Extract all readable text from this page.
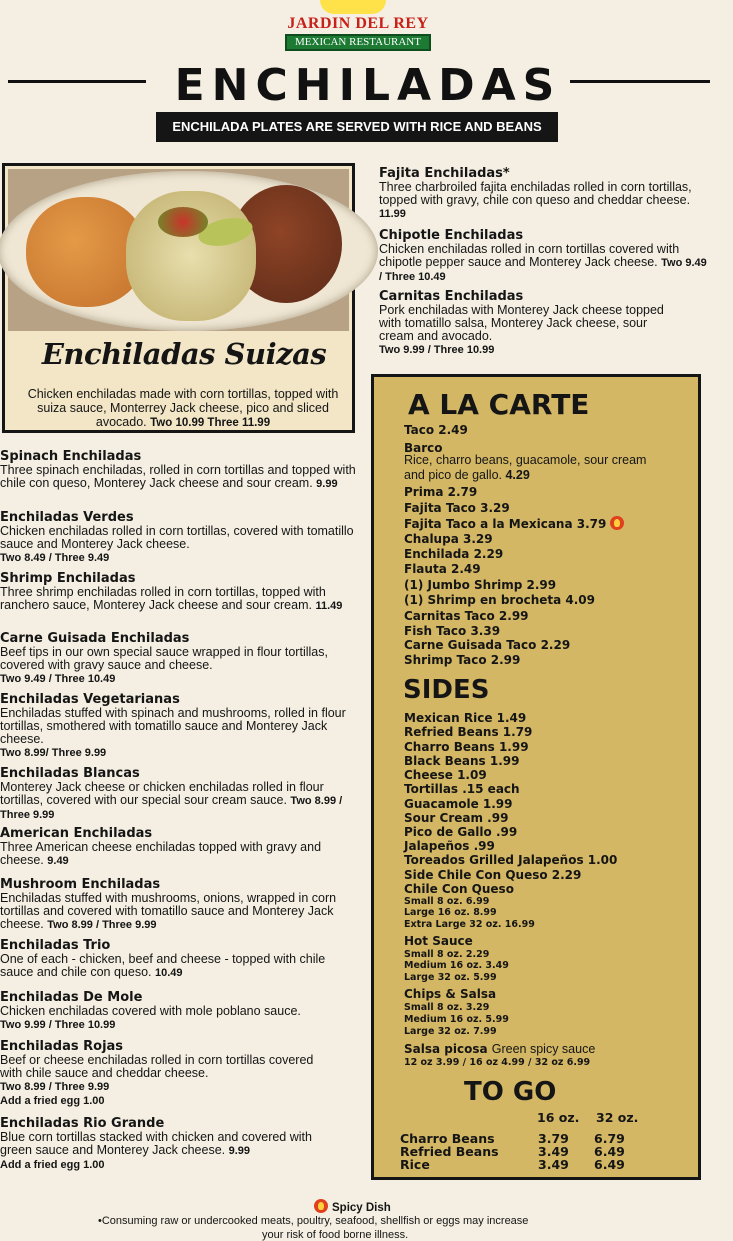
JARDIN DEL REY
MEXICAN RESTAURANT
ENCHILADAS
ENCHILADA PLATES ARE SERVED WITH RICE AND BEANS
Enchiladas Suizas
Chicken enchiladas made with corn tortillas, topped with suiza sauce, Monterrey Jack cheese, pico and sliced avocado. Two 10.99 Three 11.99
Fajita Enchiladas*
Three charbroiled fajita enchiladas rolled in corn tortillas, topped with gravy, chile con queso and cheddar cheese. 11.99
Chipotle Enchiladas
Chicken enchiladas rolled in corn tortillas covered with chipotle pepper sauce and Monterey Jack cheese. Two 9.49 / Three 10.49
Carnitas Enchiladas
Pork enchiladas with Monterey Jack cheese topped with tomatillo salsa, Monterey Jack cheese, sour cream and avocado.
Two 9.99 / Three 10.99
Spinach Enchiladas
Three spinach enchiladas, rolled in corn tortillas and topped with chile con queso, Monterey Jack cheese and sour cream. 9.99
Enchiladas Verdes
Chicken enchiladas rolled in corn tortillas, covered with tomatillo sauce and Monterey Jack cheese.
Two 8.49 / Three 9.49
Shrimp Enchiladas
Three shrimp enchiladas rolled in corn tortillas, topped with ranchero sauce, Monterey Jack cheese and sour cream. 11.49
Carne Guisada Enchiladas
Beef tips in our own special sauce wrapped in flour tortillas, covered with gravy sauce and cheese.
Two 9.49 / Three 10.49
Enchiladas Vegetarianas
Enchiladas stuffed with spinach and mushrooms, rolled in flour tortillas, smothered with tomatillo sauce and Monterey Jack cheese.
Two 8.99/ Three 9.99
Enchiladas Blancas
Monterey Jack cheese or chicken enchiladas rolled in flour tortillas, covered with our special sour cream sauce. Two 8.99 / Three 9.99
American Enchiladas
Three American cheese enchiladas topped with gravy and cheese. 9.49
Mushroom Enchiladas
Enchiladas stuffed with mushrooms, onions, wrapped in corn tortillas and covered with tomatillo sauce and Monterey Jack cheese. Two 8.99 / Three 9.99
Enchiladas Trio
One of each - chicken, beef and cheese - topped with chile sauce and chile con queso. 10.49
Enchiladas De Mole
Chicken enchiladas covered with mole poblano sauce. Two 9.99 / Three 10.99
Enchiladas Rojas
Beef or cheese enchiladas rolled in corn tortillas covered with chile sauce and cheddar cheese.
Two 8.99 / Three 9.99
Add a fried egg 1.00
Enchiladas Rio Grande
Blue corn tortillas stacked with chicken and covered with green sauce and Monterey Jack cheese. 9.99
Add a fried egg 1.00
A LA CARTE
Taco 2.49
Barco
Rice, charro beans, guacamole, sour cream and pico de gallo. 4.29
Prima 2.79
Fajita Taco 3.29
Fajita Taco a la Mexicana 3.79
Chalupa 3.29
Enchilada 2.29
Flauta 2.49
(1) Jumbo Shrimp 2.99
(1) Shrimp en brocheta 4.09
Carnitas Taco 2.99
Fish Taco 3.39
Carne Guisada Taco 2.29
Shrimp Taco 2.99
SIDES
Mexican Rice 1.49
Refried Beans 1.79
Charro Beans 1.99
Black Beans 1.99
Cheese 1.09
Tortillas .15 each
Guacamole 1.99
Sour Cream .99
Pico de Gallo .99
Jalapeños .99
Toreados Grilled Jalapeños 1.00
Side Chile Con Queso 2.29
Chile Con Queso
Small 8 oz. 6.99
Large 16 oz. 8.99
Extra Large 32 oz. 16.99
Hot Sauce
Small 8 oz. 2.29
Medium 16 oz. 3.49
Large 32 oz. 5.99
Chips & Salsa
Small 8 oz. 3.29
Medium 16 oz. 5.99
Large 32 oz. 7.99
Salsa picosa Green spicy sauce
12 oz 3.99 / 16 oz 4.99 / 32 oz 6.99
TO GO
16 oz. 32 oz.
Charro Beans	3.79 6.79
Refried Beans	3.49 6.49
Rice	3.49 6.49
Spicy Dish
•Consuming raw or undercooked meats, poultry, seafood, shellfish or eggs may increase
your risk of food borne illness.
